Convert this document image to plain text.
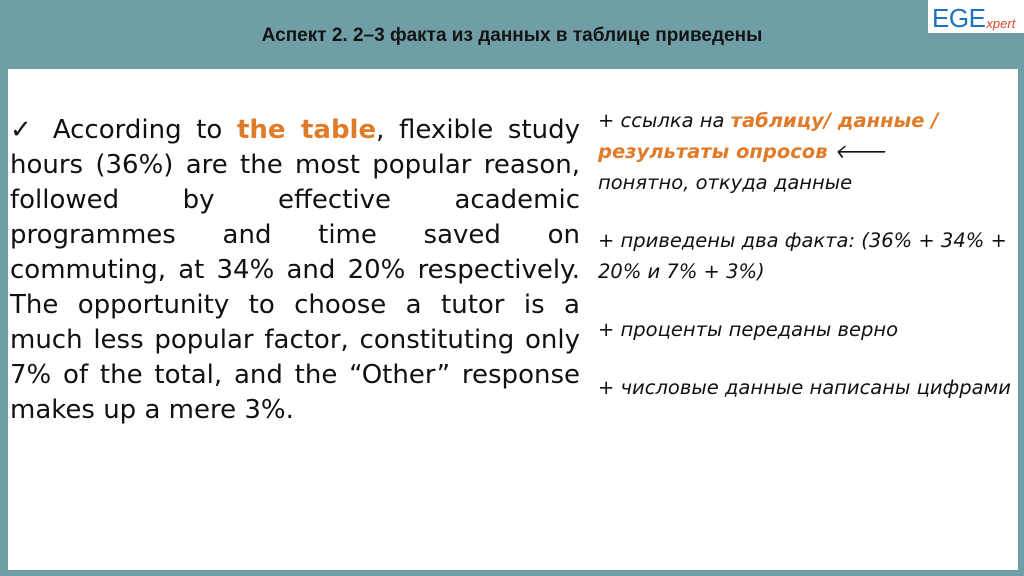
Аспект 2. 2–3 факта из данных в таблице приведены
EGE xpert
✓ According to the table, flexible study hours (36%) are the most popular reason, followed by effective academic programmes and time saved on commuting, at 34% and 20% respectively. The opportunity to choose a tutor is a much less popular factor, constituting only 7% of the total, and the “Other” response makes up a mere 3%.

+ ссылка на таблицу/ данные / результаты опросов 🡐
понятно, откуда данные

+ приведены два факта: (36% + 34% + 20% и 7% + 3%)

+ проценты переданы верно

+ числовые данные написаны цифрами
